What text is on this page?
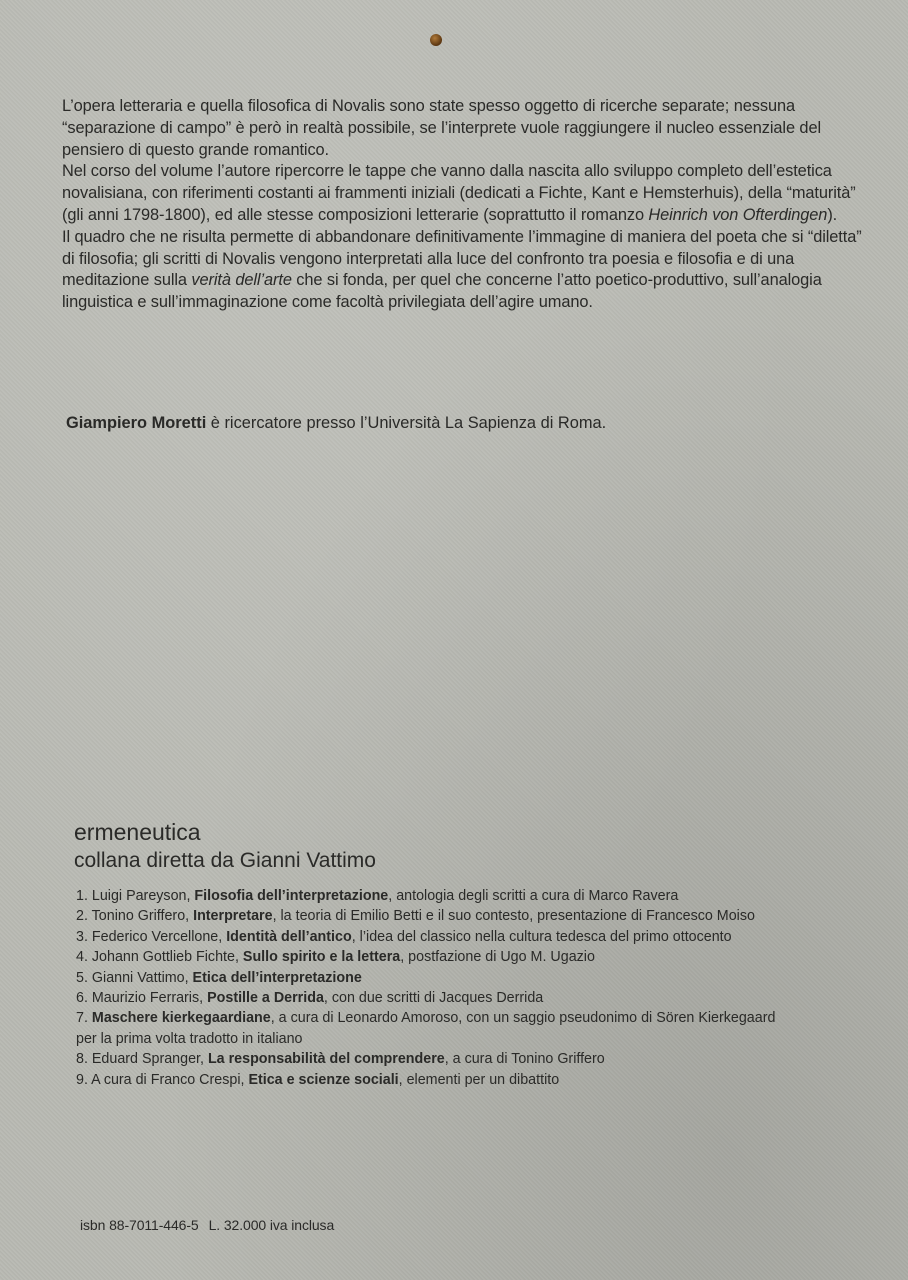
L’opera letteraria e quella filosofica di Novalis sono state spesso oggetto di ricerche separate; nessuna “separazione di campo” è però in realtà possibile, se l’interprete vuole raggiungere il nucleo essenziale del pensiero di questo grande romantico.

Nel corso del volume l’autore ripercorre le tappe che vanno dalla nascita allo sviluppo completo dell’estetica novalisiana, con riferimenti costanti ai frammenti iniziali (dedicati a Fichte, Kant e Hemsterhuis), della “maturità” (gli anni 1798-1800), ed alle stesse composizioni letterarie (soprattutto il romanzo Heinrich von Ofterdingen).

Il quadro che ne risulta permette di abbandonare definitivamente l’immagine di maniera del poeta che si “diletta” di filosofia; gli scritti di Novalis vengono interpretati alla luce del confronto tra poesia e filosofia e di una meditazione sulla verità dell’arte che si fonda, per quel che concerne l’atto poetico-produttivo, sull’analogia linguistica e sull’immaginazione come facoltà privilegiata dell’agire umano.

Giampiero Moretti è ricercatore presso l’Università La Sapienza di Roma.
ermeneutica
collana diretta da Gianni Vattimo
1. Luigi Pareyson, Filosofia dell’interpretazione, antologia degli scritti a cura di Marco Ravera
2. Tonino Griffero, Interpretare, la teoria di Emilio Betti e il suo contesto, presentazione di Francesco Moiso
3. Federico Vercellone, Identità dell’antico, l’idea del classico nella cultura tedesca del primo ottocento
4. Johann Gottlieb Fichte, Sullo spirito e la lettera, postfazione di Ugo M. Ugazio
5. Gianni Vattimo, Etica dell’interpretazione
6. Maurizio Ferraris, Postille a Derrida, con due scritti di Jacques Derrida
7. Maschere kierkegaardiane, a cura di Leonardo Amoroso, con un saggio pseudonimo di Sören Kierkegaard
per la prima volta tradotto in italiano
8. Eduard Spranger, La responsabilità del comprendere, a cura di Tonino Griffero
9. A cura di Franco Crespi, Etica e scienze sociali, elementi per un dibattito
isbn 88-7011-446-5 L. 32.000 iva inclusa
